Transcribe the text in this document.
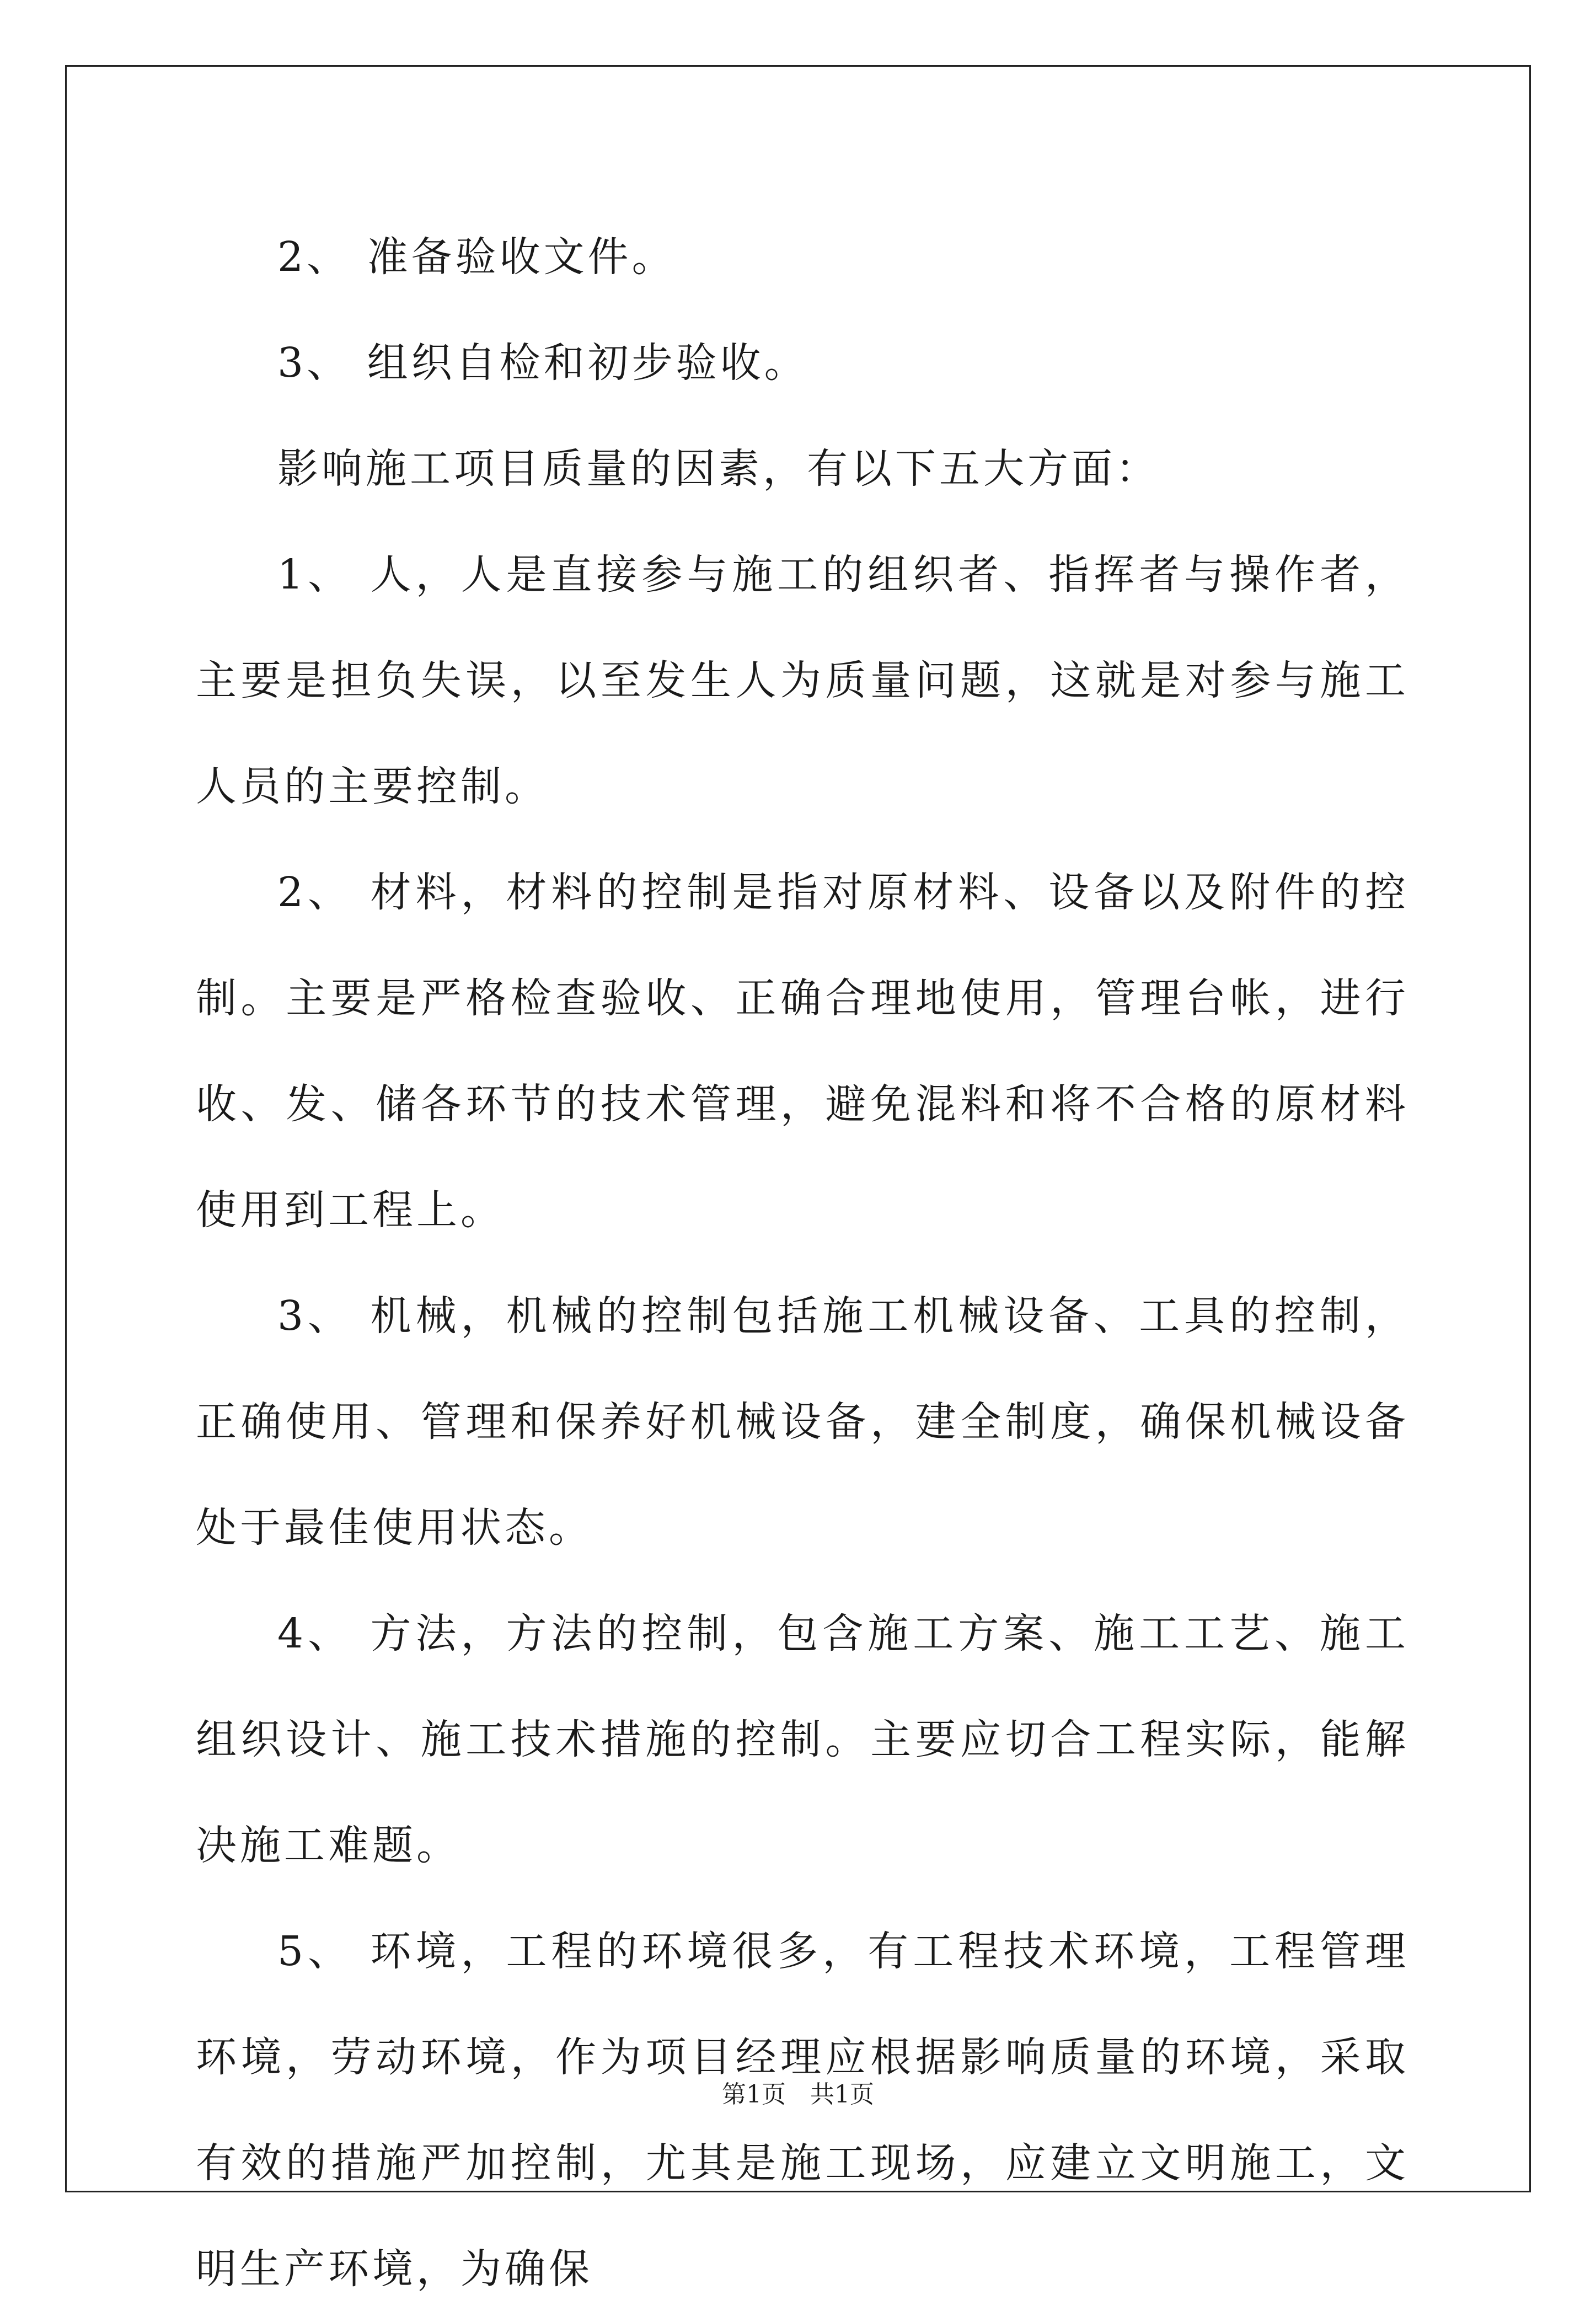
2、 准备验收文件。

3、 组织自检和初步验收。

影响施工项目质量的因素，有以下五大方面：

1、 人，人是直接参与施工的组织者、指挥者与操作者，主要是担负失误，以至发生人为质量问题，这就是对参与施工人员的主要控制。

2、 材料，材料的控制是指对原材料、设备以及附件的控制。主要是严格检查验收、正确合理地使用，管理台帐，进行收、发、储各环节的技术管理，避免混料和将不合格的原材料使用到工程上。

3、 机械，机械的控制包括施工机械设备、工具的控制，正确使用、管理和保养好机械设备，建全制度，确保机械设备处于最佳使用状态。

4、 方法，方法的控制，包含施工方案、施工工艺、施工组织设计、施工技术措施的控制。主要应切合工程实际，能解决施工难题。

5、 环境，工程的环境很多，有工程技术环境，工程管理环境，劳动环境，作为项目经理应根据影响质量的环境，采取有效的措施严加控制，尤其是施工现场，应建立文明施工，文明生产环境，为确保

第1页 共1页
